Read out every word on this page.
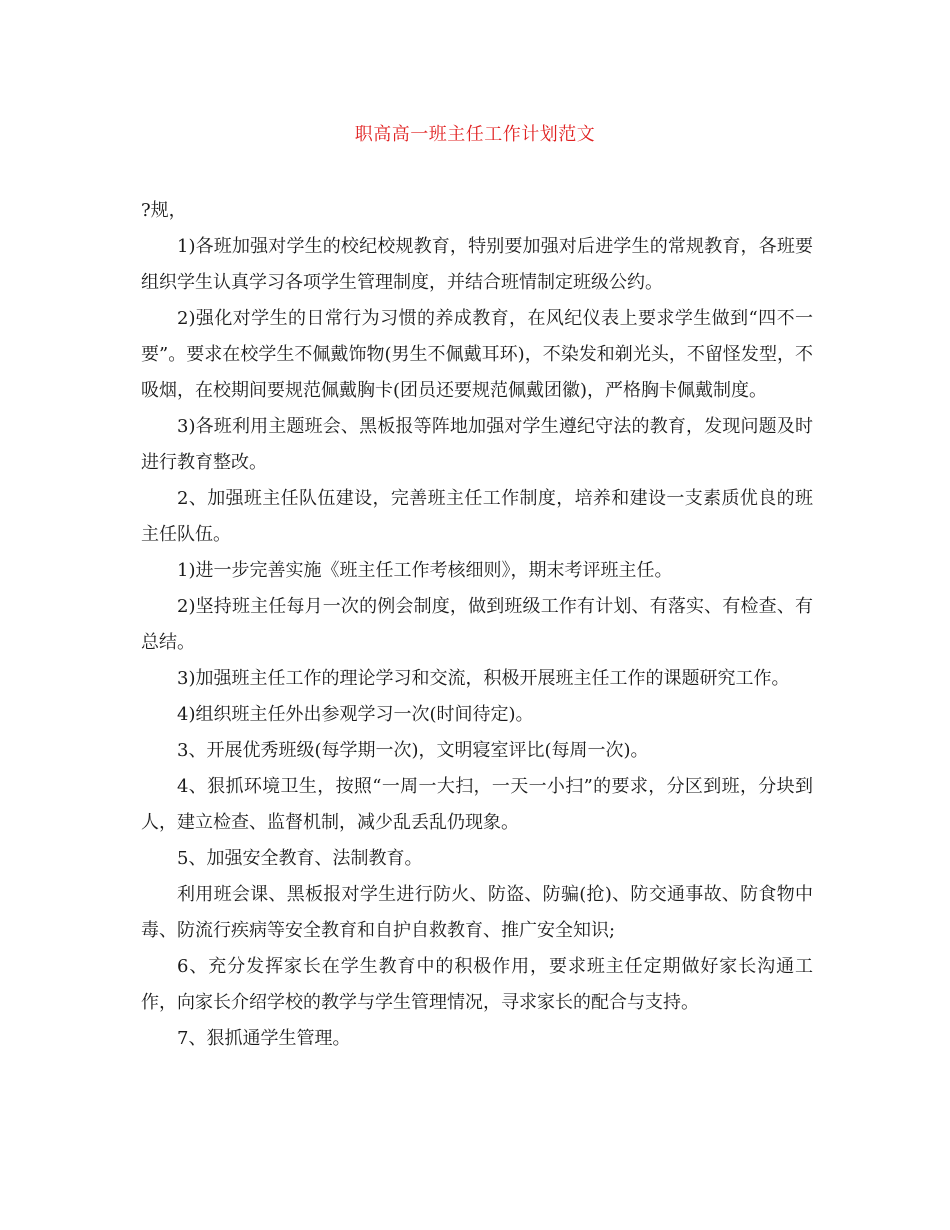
职高高一班主任工作计划范文

?规，

1)各班加强对学生的校纪校规教育，特别要加强对后进学生的常规教育，各班要组织学生认真学习各项学生管理制度，并结合班情制定班级公约。

2)强化对学生的日常行为习惯的养成教育，在风纪仪表上要求学生做到“四不一要”。要求在校学生不佩戴饰物(男生不佩戴耳环)，不染发和剃光头，不留怪发型，不吸烟，在校期间要规范佩戴胸卡(团员还要规范佩戴团徽)，严格胸卡佩戴制度。

3)各班利用主题班会、黑板报等阵地加强对学生遵纪守法的教育，发现问题及时进行教育整改。

2、加强班主任队伍建设，完善班主任工作制度，培养和建设一支素质优良的班主任队伍。

1)进一步完善实施《班主任工作考核细则》，期末考评班主任。

2)坚持班主任每月一次的例会制度，做到班级工作有计划、有落实、有检查、有总结。

3)加强班主任工作的理论学习和交流，积极开展班主任工作的课题研究工作。

4)组织班主任外出参观学习一次(时间待定)。

3、开展优秀班级(每学期一次)，文明寝室评比(每周一次)。

4、狠抓环境卫生，按照“一周一大扫，一天一小扫”的要求，分区到班，分块到人，建立检查、监督机制，减少乱丢乱仍现象。

5、加强安全教育、法制教育。

利用班会课、黑板报对学生进行防火、防盗、防骗(抢)、防交通事故、防食物中毒、防流行疾病等安全教育和自护自救教育、推广安全知识;

6、充分发挥家长在学生教育中的积极作用，要求班主任定期做好家长沟通工作，向家长介绍学校的教学与学生管理情况，寻求家长的配合与支持。

7、狠抓通学生管理。
